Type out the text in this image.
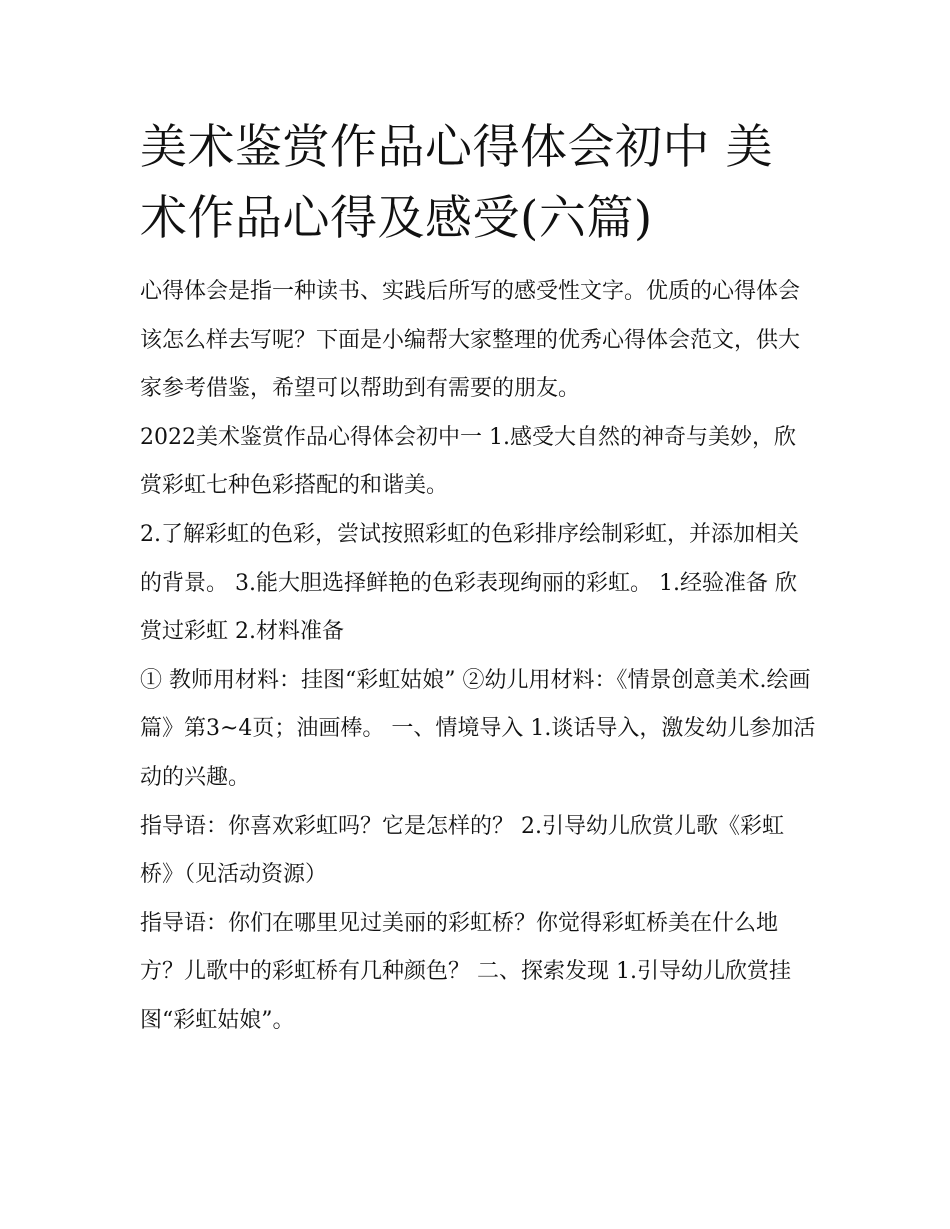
美术鉴赏作品心得体会初中 美术作品心得及感受(六篇)

心得体会是指一种读书、实践后所写的感受性文字。优质的心得体会该怎么样去写呢？下面是小编帮大家整理的优秀心得体会范文，供大家参考借鉴，希望可以帮助到有需要的朋友。

2022美术鉴赏作品心得体会初中一 1.感受大自然的神奇与美妙，欣赏彩虹七种色彩搭配的和谐美。

2.了解彩虹的色彩，尝试按照彩虹的色彩排序绘制彩虹，并添加相关的背景。 3.能大胆选择鲜艳的色彩表现绚丽的彩虹。 1.经验准备 欣赏过彩虹 2.材料准备

① 教师用材料：挂图“彩虹姑娘” ②幼儿用材料：《情景创意美术.绘画篇》第3~4页；油画棒。 一、情境导入 1.谈话导入，激发幼儿参加活动的兴趣。

指导语：你喜欢彩虹吗？它是怎样的？ 2.引导幼儿欣赏儿歌《彩虹桥》（见活动资源）

指导语：你们在哪里见过美丽的彩虹桥？你觉得彩虹桥美在什么地方？儿歌中的彩虹桥有几种颜色？ 二、探索发现 1.引导幼儿欣赏挂图“彩虹姑娘”。
